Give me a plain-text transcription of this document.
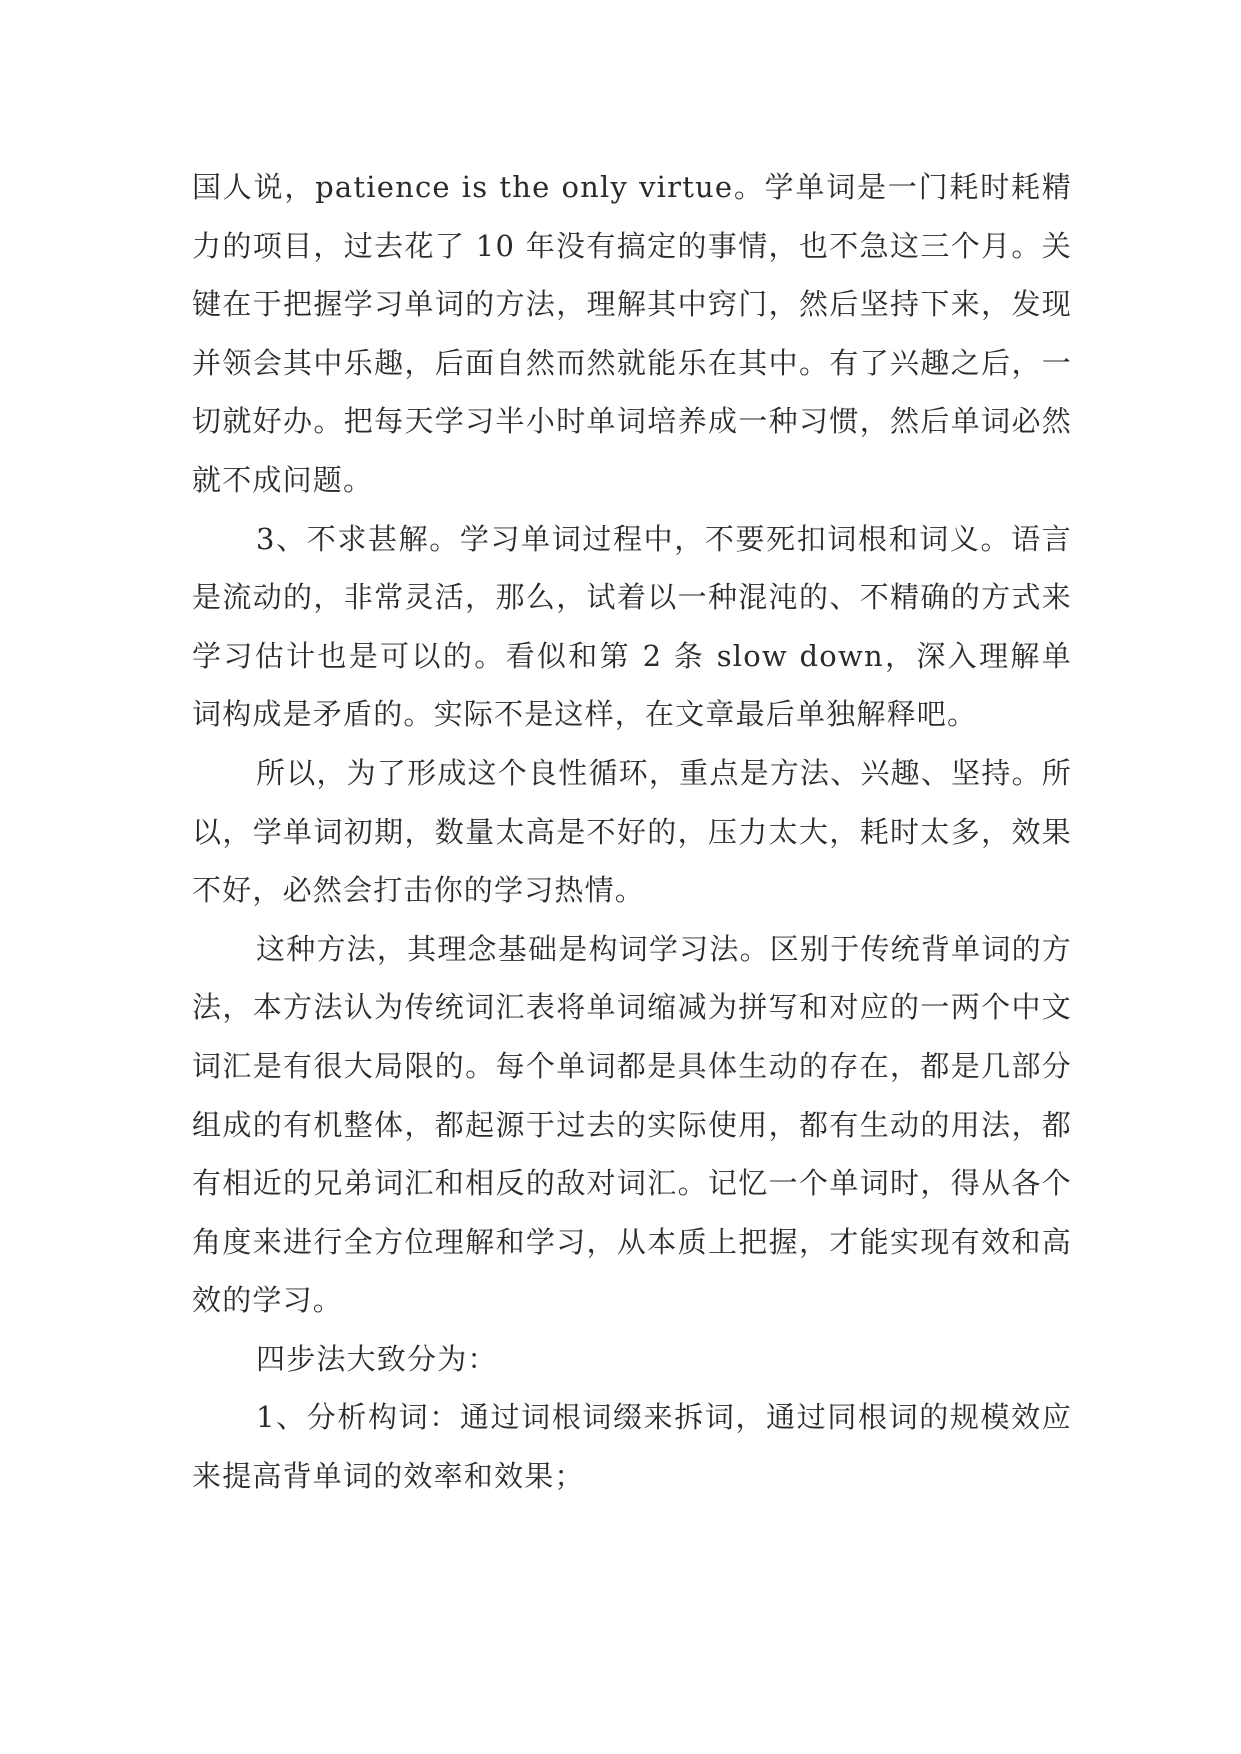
国人说，patience is the only virtue。学单词是一门耗时耗精力的项目，过去花了 10 年没有搞定的事情，也不急这三个月。关键在于把握学习单词的方法，理解其中窍门，然后坚持下来，发现并领会其中乐趣，后面自然而然就能乐在其中。有了兴趣之后，一切就好办。把每天学习半小时单词培养成一种习惯，然后单词必然就不成问题。

3、不求甚解。学习单词过程中，不要死扣词根和词义。语言是流动的，非常灵活，那么，试着以一种混沌的、不精确的方式来学习估计也是可以的。看似和第 2 条 slow down，深入理解单词构成是矛盾的。实际不是这样，在文章最后单独解释吧。

所以，为了形成这个良性循环，重点是方法、兴趣、坚持。所以，学单词初期，数量太高是不好的，压力太大，耗时太多，效果不好，必然会打击你的学习热情。

这种方法，其理念基础是构词学习法。区别于传统背单词的方法，本方法认为传统词汇表将单词缩减为拼写和对应的一两个中文词汇是有很大局限的。每个单词都是具体生动的存在，都是几部分组成的有机整体，都起源于过去的实际使用，都有生动的用法，都有相近的兄弟词汇和相反的敌对词汇。记忆一个单词时，得从各个角度来进行全方位理解和学习，从本质上把握，才能实现有效和高效的学习。

四步法大致分为：

1、分析构词：通过词根词缀来拆词，通过同根词的规模效应来提高背单词的效率和效果；
